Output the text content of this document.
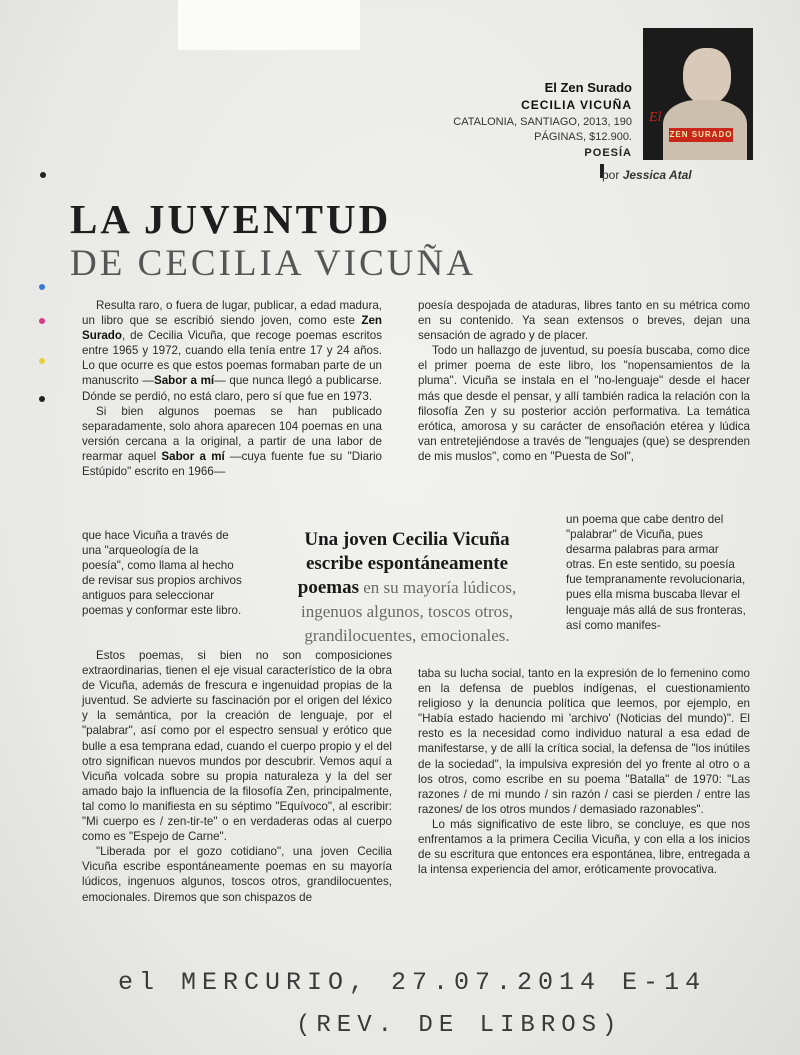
El Zen Surado
CECILIA VICUÑA
CATALONIA, SANTIAGO, 2013, 190
PÁGINAS, $12.900.
POESÍA
El
ZEN SURADO
por Jessica Atal
LA JUVENTUD
DE CECILIA VICUÑA

Resulta raro, o fuera de lugar, publicar, a edad madura, un libro que se escribió siendo joven, como este Zen Surado, de Cecilia Vicuña, que recoge poemas escritos entre 1965 y 1972, cuando ella tenía entre 17 y 24 años. Lo que ocurre es que estos poemas formaban parte de un manuscrito —Sabor a mí— que nunca llegó a publicarse. Dónde se perdió, no está claro, pero sí que fue en 1973.

Si bien algunos poemas se han publicado separadamente, solo ahora aparecen 104 poemas en una versión cercana a la original, a partir de una labor de rearmar aquel Sabor a mí —cuya fuente fue su "Diario Estúpido" escrito en 1966—

que hace Vicuña a través de una "arqueología de la poesía", como llama al hecho de revisar sus propios archivos antiguos para seleccionar poemas y conformar este libro.

Estos poemas, si bien no son composiciones extraordinarias, tienen el eje visual característico de la obra de Vicuña, además de frescura e ingenuidad propias de la juventud. Se advierte su fascinación por el origen del léxico y la semántica, por la creación de lenguaje, por el "palabrar", así como por el espectro sensual y erótico que bulle a esa temprana edad, cuando el cuerpo propio y el del otro significan nuevos mundos por descubrir. Vemos aquí a Vicuña volcada sobre su propia naturaleza y la del ser amado bajo la influencia de la filosofía Zen, principalmente, tal como lo manifiesta en su séptimo "Equívoco", al escribir: "Mi cuerpo es / zen-tir-te" o en verdaderas odas al cuerpo como es "Espejo de Carne".

"Liberada por el gozo cotidiano", una joven Cecilia Vicuña escribe espontáneamente poemas en su mayoría lúdicos, ingenuos algunos, toscos otros, grandilocuentes, emocionales. Diremos que son chispazos de

Una joven Cecilia Vicuña
escribe espontáneamente
poemas en su mayoría lúdicos,
ingenuos algunos, toscos otros,
grandilocuentes, emocionales.

poesía despojada de ataduras, libres tanto en su métrica como en su contenido. Ya sean extensos o breves, dejan una sensación de agrado y de placer.

Todo un hallazgo de juventud, su poesía buscaba, como dice el primer poema de este libro, los "nopensamientos de la pluma". Vicuña se instala en el "no-lenguaje" desde el hacer más que desde el pensar, y allí también radica la relación con la filosofía Zen y su posterior acción performativa. La temática erótica, amorosa y su carácter de ensoñación etérea y lúdica van entretejiéndose a través de "lenguajes (que) se desprenden de mis muslos", como en "Puesta de Sol",

un poema que cabe dentro del "palabrar" de Vicuña, pues desarma palabras para armar otras. En este sentido, su poesía fue tempranamente revolucionaria, pues ella misma buscaba llevar el lenguaje más allá de sus fronteras, así como manifes-

taba su lucha social, tanto en la expresión de lo femenino como en la defensa de pueblos indígenas, el cuestionamiento religioso y la denuncia política que leemos, por ejemplo, en "Había estado haciendo mi 'archivo' (Noticias del mundo)". El resto es la necesidad como individuo natural a esa edad de manifestarse, y de allí la crítica social, la defensa de "los inútiles de la sociedad", la impulsiva expresión del yo frente al otro o a los otros, como escribe en su poema "Batalla" de 1970: "Las razones / de mi mundo / sin razón / casi se pierden / entre las razones/ de los otros mundos / demasiado razonables".

Lo más significativo de este libro, se concluye, es que nos enfrentamos a la primera Cecilia Vicuña, y con ella a los inicios de su escritura que entonces era espontánea, libre, entregada a la intensa experiencia del amor, eróticamente provocativa.

el MERCURIO, 27.07.2014 E-14
(REV. DE LIBROS)
